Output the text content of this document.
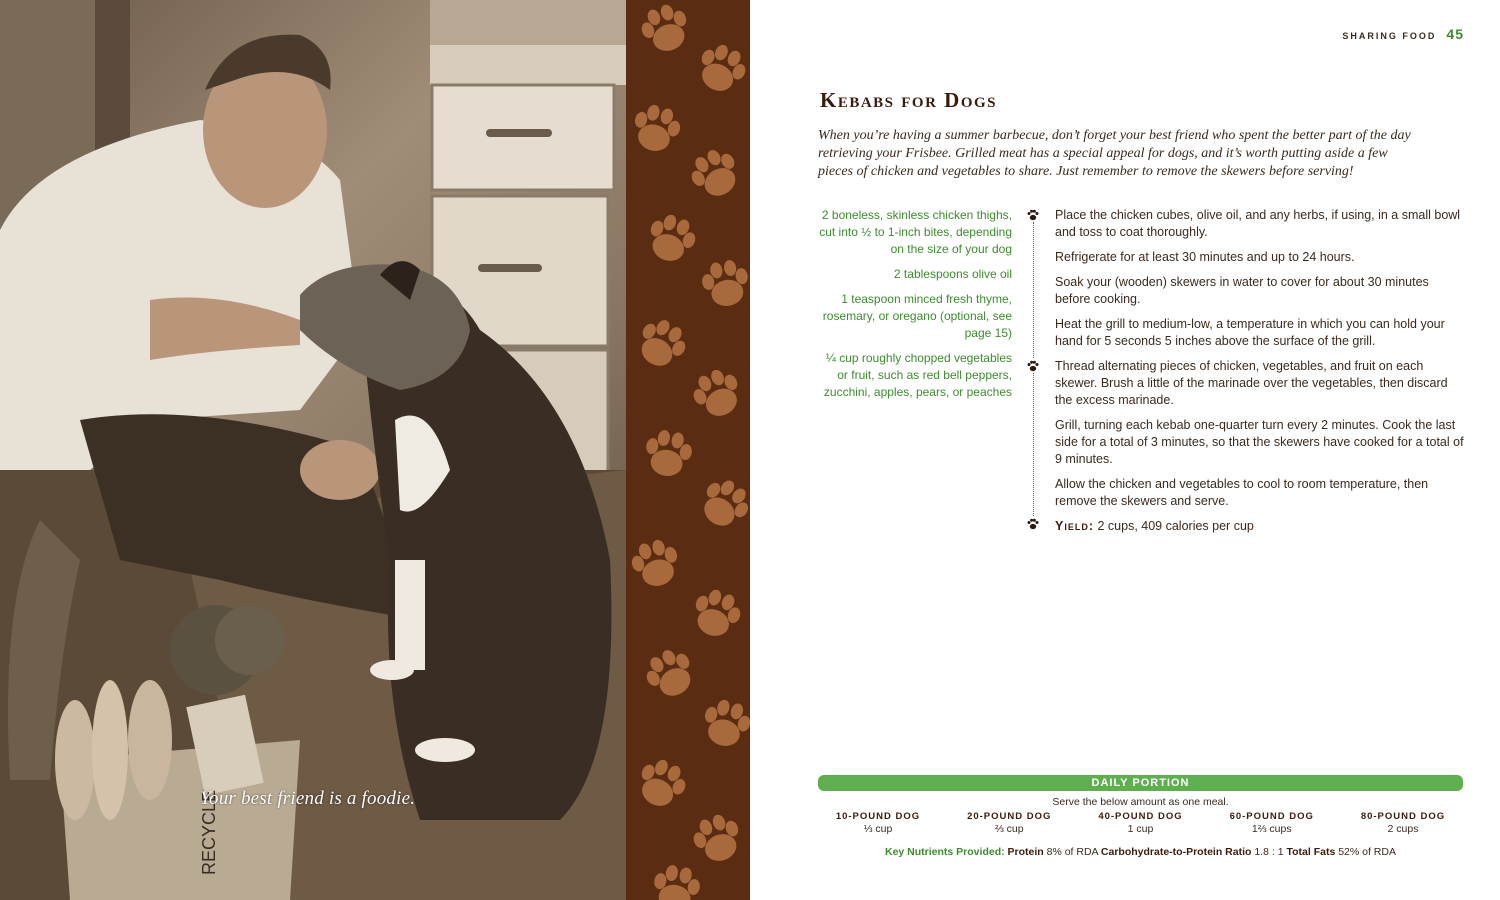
RECYCLE
Your best friend is a foodie.
SHARING FOOD 45
Kebabs for Dogs
When you’re having a summer barbecue, don’t forget your best friend who spent the better part of the day retrieving your Frisbee. Grilled meat has a special appeal for dogs, and it’s worth putting aside a few pieces of chicken and vegetables to share. Just remember to remove the skewers before serving!
2 boneless, skinless chicken thighs, cut into ½ to 1-inch bites, depending on the size of your dog
2 tablespoons olive oil
1 teaspoon minced fresh thyme, rosemary, or oregano (optional, see page 15)
¼ cup roughly chopped vegetables or fruit, such as red bell peppers, zucchini, apples, pears, or peaches
Place the chicken cubes, olive oil, and any herbs, if using, in a small bowl and toss to coat thoroughly.
Refrigerate for at least 30 minutes and up to 24 hours.
Soak your (wooden) skewers in water to cover for about 30 minutes before cooking.
Heat the grill to medium-low, a temperature in which you can hold your hand for 5 seconds 5 inches above the surface of the grill.
Thread alternating pieces of chicken, vegetables, and fruit on each skewer. Brush a little of the marinade over the vegetables, then discard the excess marinade.
Grill, turning each kebab one-quarter turn every 2 minutes. Cook the last side for a total of 3 minutes, so that the skewers have cooked for a total of 9 minutes.
Allow the chicken and vegetables to cool to room temperature, then remove the skewers and serve.
Yield: 2 cups, 409 calories per cup
DAILY PORTION
Serve the below amount as one meal.
10-POUND DOG
⅓ cup
20-POUND DOG
⅔ cup
40-POUND DOG
1 cup
60-POUND DOG
1⅔ cups
80-POUND DOG
2 cups
Key Nutrients Provided: Protein 8% of RDA Carbohydrate-to-Protein Ratio 1.8 : 1 Total Fats 52% of RDA
